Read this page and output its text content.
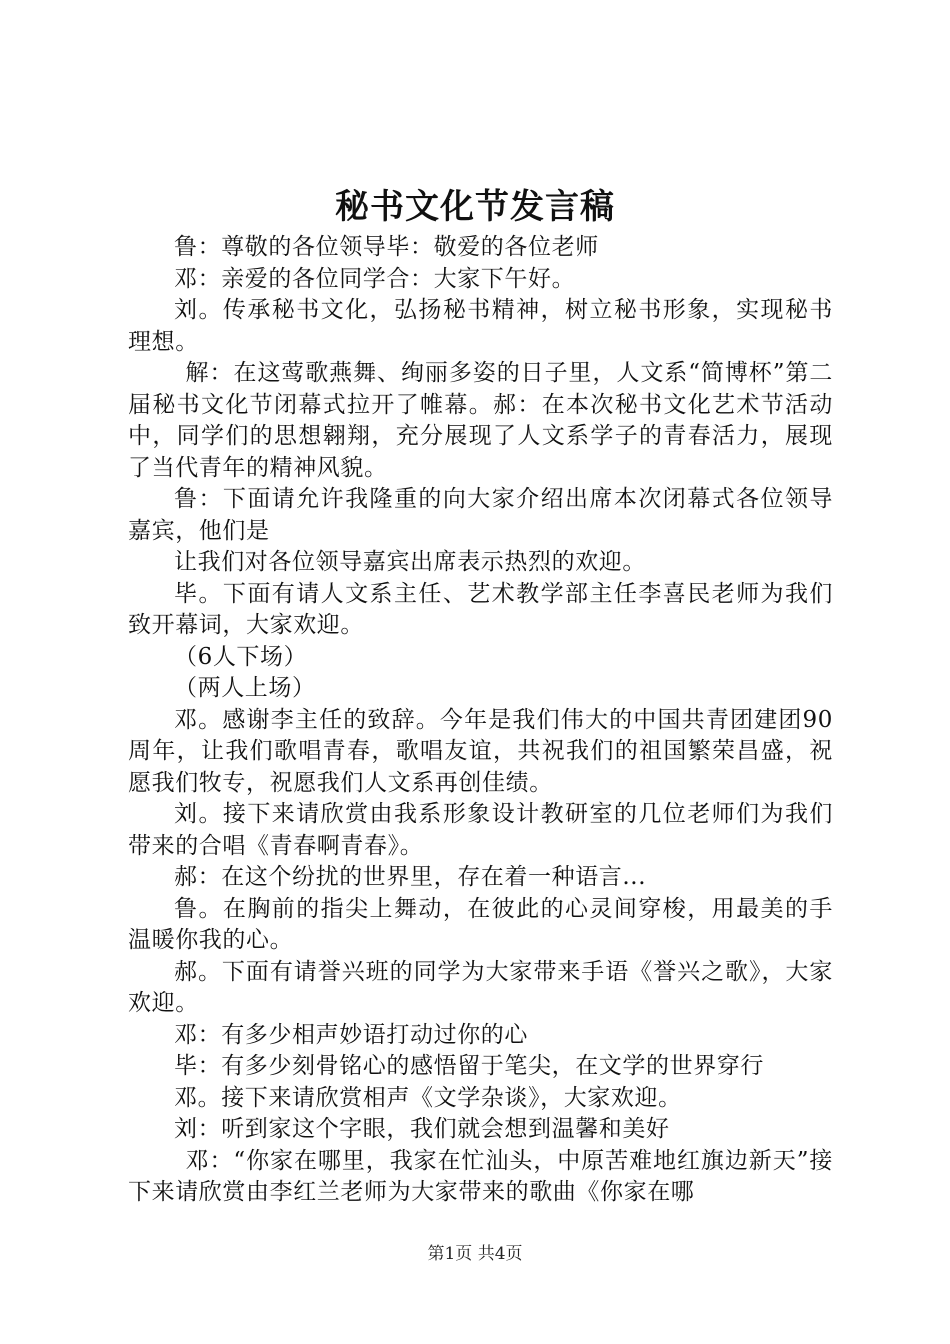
秘书文化节发言稿

鲁：尊敬的各位领导毕：敬爱的各位老师

邓：亲爱的各位同学合：大家下午好。

刘。传承秘书文化，弘扬秘书精神，树立秘书形象，实现秘书理想。

解：在这莺歌燕舞、绚丽多姿的日子里，人文系“简博杯”第二届秘书文化节闭幕式拉开了帷幕。郝：在本次秘书文化艺术节活动中，同学们的思想翱翔，充分展现了人文系学子的青春活力，展现了当代青年的精神风貌。

鲁：下面请允许我隆重的向大家介绍出席本次闭幕式各位领导嘉宾，他们是

让我们对各位领导嘉宾出席表示热烈的欢迎。

毕。下面有请人文系主任、艺术教学部主任李喜民老师为我们致开幕词，大家欢迎。

（6人下场）

（两人上场）

邓。感谢李主任的致辞。今年是我们伟大的中国共青团建团90周年，让我们歌唱青春，歌唱友谊，共祝我们的祖国繁荣昌盛，祝愿我们牧专，祝愿我们人文系再创佳绩。

刘。接下来请欣赏由我系形象设计教研室的几位老师们为我们带来的合唱《青春啊青春》。

郝：在这个纷扰的世界里，存在着一种语言...

鲁。在胸前的指尖上舞动，在彼此的心灵间穿梭，用最美的手温暖你我的心。

郝。下面有请誉兴班的同学为大家带来手语《誉兴之歌》，大家欢迎。

邓：有多少相声妙语打动过你的心

毕：有多少刻骨铭心的感悟留于笔尖，在文学的世界穿行

邓。接下来请欣赏相声《文学杂谈》，大家欢迎。

刘：听到家这个字眼，我们就会想到温馨和美好

邓：“你家在哪里，我家在忙汕头，中原苦难地红旗边新天”接下来请欣赏由李红兰老师为大家带来的歌曲《你家在哪

第1页 共4页
